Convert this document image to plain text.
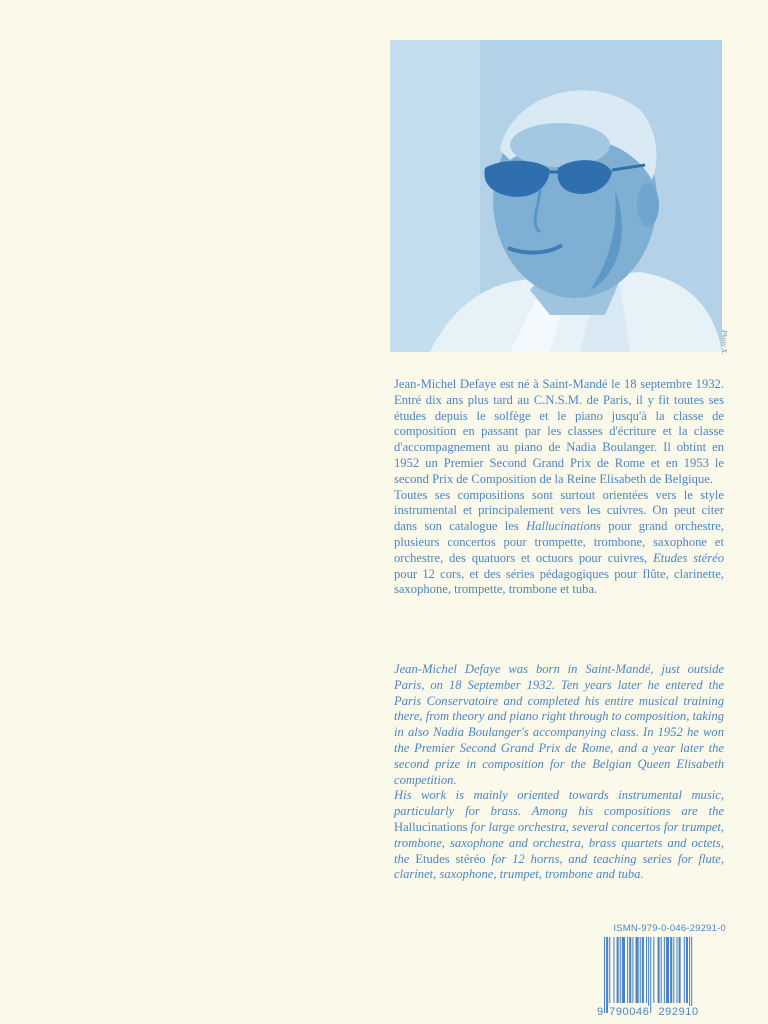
Photo X.

Jean-Michel Defaye est né à Saint-Mandé le 18 septembre 1932. Entré dix ans plus tard au C.N.S.M. de Paris, il y fit toutes ses études depuis le solfège et le piano jusqu'à la classe de composition en passant par les classes d'écriture et la classe d'accompagnement au piano de Nadia Boulanger. Il obtint en 1952 un Premier Second Grand Prix de Rome et en 1953 le second Prix de Composition de la Reine Elisabeth de Belgique.

Toutes ses compositions sont surtout orientées vers le style instrumental et principalement vers les cuivres. On peut citer dans son catalogue les Hallucinations pour grand orchestre, plusieurs concertos pour trompette, trombone, saxophone et orchestre, des quatuors et octuors pour cuivres, Etudes stéréo pour 12 cors, et des séries pédagogiques pour flûte, clarinette, saxophone, trompette, trombone et tuba.

Jean-Michel Defaye was born in Saint-Mandé, just outside Paris, on 18 September 1932. Ten years later he entered the Paris Conservatoire and completed his entire musical training there, from theory and piano right through to composition, taking in also Nadia Boulanger's accompanying class. In 1952 he won the Premier Second Grand Prix de Rome, and a year later the second prize in composition for the Belgian Queen Elisabeth competition.

His work is mainly oriented towards instrumental music, particularly for brass. Among his compositions are the Hallucinations for large orchestra, several concertos for trumpet, trombone, saxophone and orchestra, brass quartets and octets, the Etudes stéréo for 12 horns, and teaching series for flute, clarinet, saxophone, trumpet, trombone and tuba.

ISMN-979-0-046-29291-0
9 790046 292910
